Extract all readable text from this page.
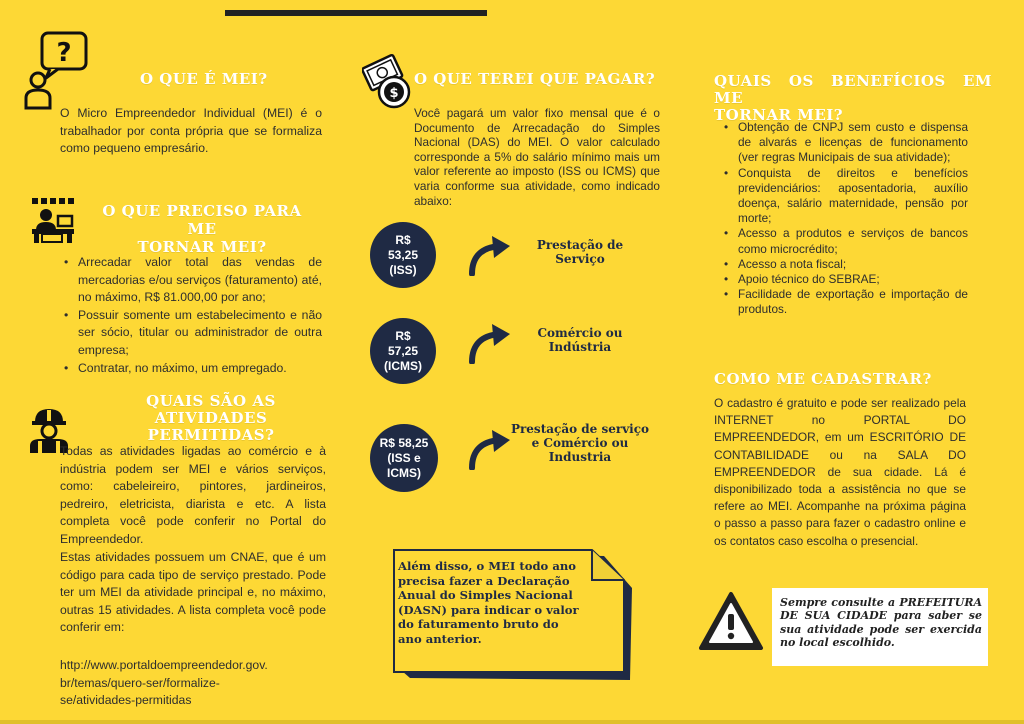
?
O QUE É MEI?
O Micro Empreendedor Individual (MEI) é o trabalhador por conta própria que se formaliza como pequeno empresário.
O QUE PRECISO PARA ME
TORNAR MEI?
• Arrecadar valor total das vendas de mercadorias e/ou serviços (faturamento) até, no máximo, R$ 81.000,00 por ano;
• Possuir somente um estabelecimento e não ser sócio, titular ou administrador de outra empresa;
• Contratar, no máximo, um empregado.
QUAIS SÃO AS ATIVIDADES
PERMITIDAS?
Todas as atividades ligadas ao comércio e à indústria podem ser MEI e vários serviços, como: cabeleireiro, pintores, jardineiros, pedreiro, eletricista, diarista e etc. A lista completa você pode conferir no Portal do Empreendedor.
Estas atividades possuem um CNAE, que é um código para cada tipo de serviço prestado. Pode ter um MEI da atividade principal e, no máximo, outras 15 atividades. A lista completa você pode conferir em:
http://www.portaldoempreendedor.gov.
br/temas/quero-ser/formalize-
se/atividades-permitidas
$
O QUE TEREI QUE PAGAR?
Você pagará um valor fixo mensal que é o Documento de Arrecadação do Simples Nacional (DAS) do MEI. O valor calculado corresponde a 5% do salário mínimo mais um valor referente ao imposto (ISS ou ICMS) que varia conforme sua atividade, como indicado abaixo:
R$
53,25
(ISS)
Prestação de
Serviço
R$
57,25
(ICMS)
Comércio ou
Indústria
R$ 58,25
(ISS e
ICMS)
Prestação de serviço
e Comércio ou
Industria
Além disso, o MEI todo ano
precisa fazer a Declaração
Anual do Simples Nacional
(DASN) para indicar o valor
do faturamento bruto do
ano anterior.
QUAIS OS BENEFÍCIOS EM ME
TORNAR MEI?
• Obtenção de CNPJ sem custo e dispensa de alvarás e licenças de funcionamento (ver regras Municipais de sua atividade);
• Conquista de direitos e benefícios previdenciários: aposentadoria, auxílio doença, salário maternidade, pensão por morte;
• Acesso a produtos e serviços de bancos como microcrédito;
• Acesso a nota fiscal;
• Apoio técnico do SEBRAE;
• Facilidade de exportação e importação de produtos.
COMO ME CADASTRAR?
O cadastro é gratuito e pode ser realizado pela INTERNET no PORTAL DO EMPREENDEDOR, em um ESCRITÓRIO DE CONTABILIDADE ou na SALA DO EMPREENDEDOR de sua cidade. Lá é disponibilizado toda a assistência no que se refere ao MEI. Acompanhe na próxima página o passo a passo para fazer o cadastro online e os contatos caso escolha o presencial.
Sempre consulte a PREFEITURA DE SUA CIDADE para saber se sua atividade pode ser exercida no local escolhido.
